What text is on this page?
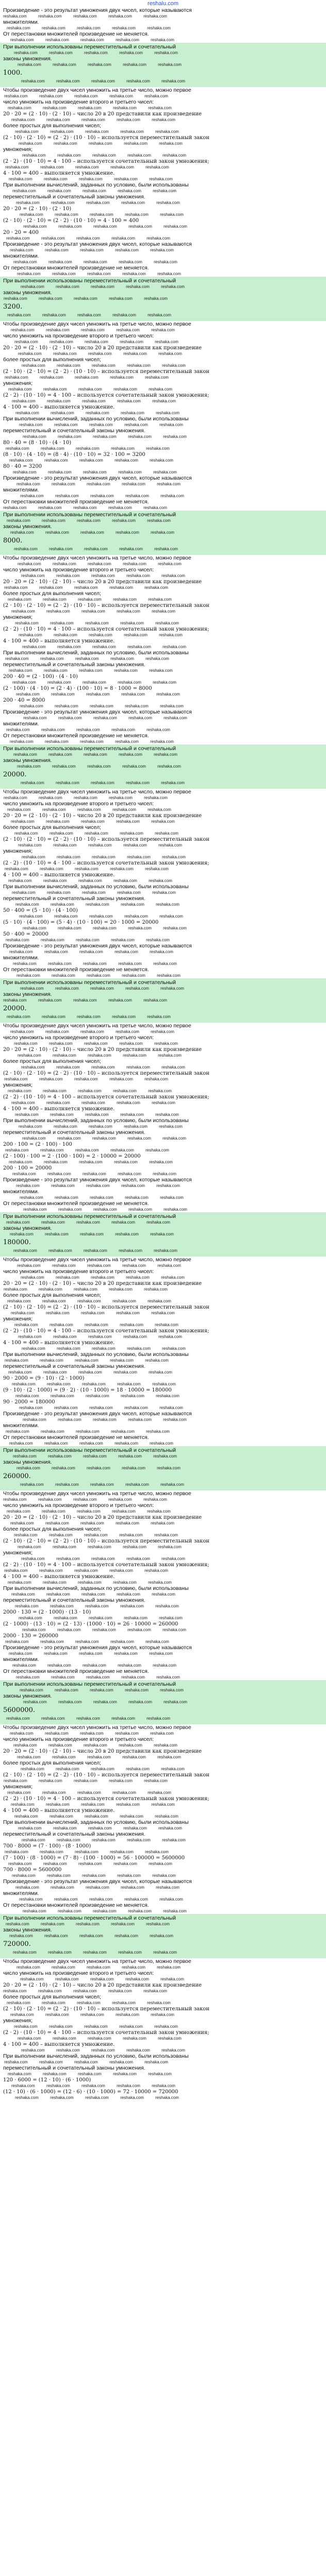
reshalu.com
Произведение - это результат умножения двух чисел, которые называются
reshaka.com          reshaka.com          reshaka.com          reshaka.com          reshaka.com
множителями.
reshaka.com          reshaka.com          reshaka.com          reshaka.com          reshaka.com
От перестановки множителей произведение не меняется.
reshaka.com          reshaka.com          reshaka.com          reshaka.com          reshaka.com
При выполнении использованы переместительный и сочетательный
reshaka.com          reshaka.com          reshaka.com          reshaka.com          reshaka.com
законы умножения.
reshaka.com          reshaka.com          reshaka.com          reshaka.com          reshaka.com
1000.
reshaka.com          reshaka.com          reshaka.com          reshaka.com          reshaka.com
Чтобы произведение двух чисел умножить на третье число, можно первое
reshaka.com          reshaka.com          reshaka.com          reshaka.com          reshaka.com
число умножить на произведение второго и третьего чисел:
reshaka.com          reshaka.com          reshaka.com          reshaka.com          reshaka.com
20 · 20 = (2 · 10) · (2 · 10) – число 20 в 20 представили как произведение
reshaka.com          reshaka.com          reshaka.com          reshaka.com          reshaka.com
более простых для выполнения чисел;
reshaka.com          reshaka.com          reshaka.com          reshaka.com          reshaka.com
(2 · 10) · (2 · 10) = (2 · 2) · (10 · 10) – используется переместительный закон
reshaka.com          reshaka.com          reshaka.com          reshaka.com          reshaka.com
умножения;
reshaka.com          reshaka.com          reshaka.com          reshaka.com          reshaka.com
(2 · 2) · (10 · 10) = 4 · 100 – используется сочетательный закон умножения;
reshaka.com          reshaka.com          reshaka.com          reshaka.com          reshaka.com
4 · 100 = 400 – выполняется умножение.
reshaka.com          reshaka.com          reshaka.com          reshaka.com          reshaka.com
При выполнении вычислений, заданных по условию, были использованы
reshaka.com          reshaka.com          reshaka.com          reshaka.com          reshaka.com
переместительный и сочетательный законы умножения.
reshaka.com          reshaka.com          reshaka.com          reshaka.com          reshaka.com
20 · 20 = (2 · 10) · (2 · 10)
reshaka.com          reshaka.com          reshaka.com          reshaka.com          reshaka.com
(2 · 10) · (2 · 10) = (2 · 2) · (10 · 10) = 4 · 100 = 400
reshaka.com          reshaka.com          reshaka.com          reshaka.com          reshaka.com
20 · 20 = 400
reshaka.com          reshaka.com          reshaka.com          reshaka.com          reshaka.com
Произведение - это результат умножения двух чисел, которые называются
reshaka.com          reshaka.com          reshaka.com          reshaka.com          reshaka.com
множителями.
reshaka.com          reshaka.com          reshaka.com          reshaka.com          reshaka.com
От перестановки множителей произведение не меняется.
reshaka.com          reshaka.com          reshaka.com          reshaka.com          reshaka.com
При выполнении использованы переместительный и сочетательный
reshaka.com          reshaka.com          reshaka.com          reshaka.com          reshaka.com
законы умножения.
reshaka.com          reshaka.com          reshaka.com          reshaka.com          reshaka.com
3200.
reshaka.com          reshaka.com          reshaka.com          reshaka.com          reshaka.com
Чтобы произведение двух чисел умножить на третье число, можно первое
reshaka.com          reshaka.com          reshaka.com          reshaka.com          reshaka.com
число умножить на произведение второго и третьего чисел:
reshaka.com          reshaka.com          reshaka.com          reshaka.com          reshaka.com
20 · 20 = (2 · 10) · (2 · 10) – число 20 в 20 представили как произведение
reshaka.com          reshaka.com          reshaka.com          reshaka.com          reshaka.com
более простых для выполнения чисел;
reshaka.com          reshaka.com          reshaka.com          reshaka.com          reshaka.com
(2 · 10) · (2 · 10) = (2 · 2) · (10 · 10) – используется переместительный закон
reshaka.com          reshaka.com          reshaka.com          reshaka.com          reshaka.com
умножения;
reshaka.com          reshaka.com          reshaka.com          reshaka.com          reshaka.com
(2 · 2) · (10 · 10) = 4 · 100 – используется сочетательный закон умножения;
reshaka.com          reshaka.com          reshaka.com          reshaka.com          reshaka.com
4 · 100 = 400 – выполняется умножение.
reshaka.com          reshaka.com          reshaka.com          reshaka.com          reshaka.com
При выполнении вычислений, заданных по условию, были использованы
reshaka.com          reshaka.com          reshaka.com          reshaka.com          reshaka.com
переместительный и сочетательный законы умножения.
reshaka.com          reshaka.com          reshaka.com          reshaka.com          reshaka.com
80 · 40 = (8 · 10) · (4 · 10)
reshaka.com          reshaka.com          reshaka.com          reshaka.com          reshaka.com
(8 · 10) · (4 · 10) = (8 · 4) · (10 · 10) = 32 · 100 = 3200
reshaka.com          reshaka.com          reshaka.com          reshaka.com          reshaka.com
80 · 40 = 3200
reshaka.com          reshaka.com          reshaka.com          reshaka.com          reshaka.com
Произведение - это результат умножения двух чисел, которые называются
reshaka.com          reshaka.com          reshaka.com          reshaka.com          reshaka.com
множителями.
reshaka.com          reshaka.com          reshaka.com          reshaka.com          reshaka.com
От перестановки множителей произведение не меняется.
reshaka.com          reshaka.com          reshaka.com          reshaka.com          reshaka.com
При выполнении использованы переместительный и сочетательный
reshaka.com          reshaka.com          reshaka.com          reshaka.com          reshaka.com
законы умножения.
reshaka.com          reshaka.com          reshaka.com          reshaka.com          reshaka.com
8000.
reshaka.com          reshaka.com          reshaka.com          reshaka.com          reshaka.com
Чтобы произведение двух чисел умножить на третье число, можно первое
reshaka.com          reshaka.com          reshaka.com          reshaka.com          reshaka.com
число умножить на произведение второго и третьего чисел:
reshaka.com          reshaka.com          reshaka.com          reshaka.com          reshaka.com
20 · 20 = (2 · 10) · (2 · 10) – число 20 в 20 представили как произведение
reshaka.com          reshaka.com          reshaka.com          reshaka.com          reshaka.com
более простых для выполнения чисел;
reshaka.com          reshaka.com          reshaka.com          reshaka.com          reshaka.com
(2 · 10) · (2 · 10) = (2 · 2) · (10 · 10) – используется переместительный закон
reshaka.com          reshaka.com          reshaka.com          reshaka.com          reshaka.com
умножения;
reshaka.com          reshaka.com          reshaka.com          reshaka.com          reshaka.com
(2 · 2) · (10 · 10) = 4 · 100 – используется сочетательный закон умножения;
reshaka.com          reshaka.com          reshaka.com          reshaka.com          reshaka.com
4 · 100 = 400 – выполняется умножение.
reshaka.com          reshaka.com          reshaka.com          reshaka.com          reshaka.com
При выполнении вычислений, заданных по условию, были использованы
reshaka.com          reshaka.com          reshaka.com          reshaka.com          reshaka.com
переместительный и сочетательный законы умножения.
reshaka.com          reshaka.com          reshaka.com          reshaka.com          reshaka.com
200 · 40 = (2 · 100) · (4 · 10)
reshaka.com          reshaka.com          reshaka.com          reshaka.com          reshaka.com
(2 · 100) · (4 · 10) = (2 · 4) · (100 · 10) = 8 · 1000 = 8000
reshaka.com          reshaka.com          reshaka.com          reshaka.com          reshaka.com
200 · 40 = 8000
reshaka.com          reshaka.com          reshaka.com          reshaka.com          reshaka.com
Произведение - это результат умножения двух чисел, которые называются
reshaka.com          reshaka.com          reshaka.com          reshaka.com          reshaka.com
множителями.
reshaka.com          reshaka.com          reshaka.com          reshaka.com          reshaka.com
От перестановки множителей произведение не меняется.
reshaka.com          reshaka.com          reshaka.com          reshaka.com          reshaka.com
При выполнении использованы переместительный и сочетательный
reshaka.com          reshaka.com          reshaka.com          reshaka.com          reshaka.com
законы умножения.
reshaka.com          reshaka.com          reshaka.com          reshaka.com          reshaka.com
20000.
reshaka.com          reshaka.com          reshaka.com          reshaka.com          reshaka.com
Чтобы произведение двух чисел умножить на третье число, можно первое
reshaka.com          reshaka.com          reshaka.com          reshaka.com          reshaka.com
число умножить на произведение второго и третьего чисел:
reshaka.com          reshaka.com          reshaka.com          reshaka.com          reshaka.com
20 · 20 = (2 · 10) · (2 · 10) – число 20 в 20 представили как произведение
reshaka.com          reshaka.com          reshaka.com          reshaka.com          reshaka.com
более простых для выполнения чисел;
reshaka.com          reshaka.com          reshaka.com          reshaka.com          reshaka.com
(2 · 10) · (2 · 10) = (2 · 2) · (10 · 10) – используется переместительный закон
reshaka.com          reshaka.com          reshaka.com          reshaka.com          reshaka.com
умножения;
reshaka.com          reshaka.com          reshaka.com          reshaka.com          reshaka.com
(2 · 2) · (10 · 10) = 4 · 100 – используется сочетательный закон умножения;
reshaka.com          reshaka.com          reshaka.com          reshaka.com          reshaka.com
4 · 100 = 400 – выполняется умножение.
reshaka.com          reshaka.com          reshaka.com          reshaka.com          reshaka.com
При выполнении вычислений, заданных по условию, были использованы
reshaka.com          reshaka.com          reshaka.com          reshaka.com          reshaka.com
переместительный и сочетательный законы умножения.
reshaka.com          reshaka.com          reshaka.com          reshaka.com          reshaka.com
50 · 400 = (5 · 10) · (4 · 100)
reshaka.com          reshaka.com          reshaka.com          reshaka.com          reshaka.com
(5 · 10) · (4 · 100) = (5 · 4) · (10 · 100) = 20 · 1000 = 20000
reshaka.com          reshaka.com          reshaka.com          reshaka.com          reshaka.com
50 · 400 = 20000
reshaka.com          reshaka.com          reshaka.com          reshaka.com          reshaka.com
Произведение - это результат умножения двух чисел, которые называются
reshaka.com          reshaka.com          reshaka.com          reshaka.com          reshaka.com
множителями.
reshaka.com          reshaka.com          reshaka.com          reshaka.com          reshaka.com
От перестановки множителей произведение не меняется.
reshaka.com          reshaka.com          reshaka.com          reshaka.com          reshaka.com
При выполнении использованы переместительный и сочетательный
reshaka.com          reshaka.com          reshaka.com          reshaka.com          reshaka.com
законы умножения.
reshaka.com          reshaka.com          reshaka.com          reshaka.com          reshaka.com
20000.
reshaka.com          reshaka.com          reshaka.com          reshaka.com          reshaka.com
Чтобы произведение двух чисел умножить на третье число, можно первое
reshaka.com          reshaka.com          reshaka.com          reshaka.com          reshaka.com
число умножить на произведение второго и третьего чисел:
reshaka.com          reshaka.com          reshaka.com          reshaka.com          reshaka.com
20 · 20 = (2 · 10) · (2 · 10) – число 20 в 20 представили как произведение
reshaka.com          reshaka.com          reshaka.com          reshaka.com          reshaka.com
более простых для выполнения чисел;
reshaka.com          reshaka.com          reshaka.com          reshaka.com          reshaka.com
(2 · 10) · (2 · 10) = (2 · 2) · (10 · 10) – используется переместительный закон
reshaka.com          reshaka.com          reshaka.com          reshaka.com          reshaka.com
умножения;
reshaka.com          reshaka.com          reshaka.com          reshaka.com          reshaka.com
(2 · 2) · (10 · 10) = 4 · 100 – используется сочетательный закон умножения;
reshaka.com          reshaka.com          reshaka.com          reshaka.com          reshaka.com
4 · 100 = 400 – выполняется умножение.
reshaka.com          reshaka.com          reshaka.com          reshaka.com          reshaka.com
При выполнении вычислений, заданных по условию, были использованы
reshaka.com          reshaka.com          reshaka.com          reshaka.com          reshaka.com
переместительный и сочетательный законы умножения.
reshaka.com          reshaka.com          reshaka.com          reshaka.com          reshaka.com
200 · 100 = (2 · 100) · 100
reshaka.com          reshaka.com          reshaka.com          reshaka.com          reshaka.com
(2 · 100) · 100 = 2 · (100 · 100) = 2 · 10000 = 20000
reshaka.com          reshaka.com          reshaka.com          reshaka.com          reshaka.com
200 · 100 = 20000
reshaka.com          reshaka.com          reshaka.com          reshaka.com          reshaka.com
Произведение - это результат умножения двух чисел, которые называются
reshaka.com          reshaka.com          reshaka.com          reshaka.com          reshaka.com
множителями.
reshaka.com          reshaka.com          reshaka.com          reshaka.com          reshaka.com
От перестановки множителей произведение не меняется.
reshaka.com          reshaka.com          reshaka.com          reshaka.com          reshaka.com
При выполнении использованы переместительный и сочетательный
reshaka.com          reshaka.com          reshaka.com          reshaka.com          reshaka.com
законы умножения.
reshaka.com          reshaka.com          reshaka.com          reshaka.com          reshaka.com
180000.
reshaka.com          reshaka.com          reshaka.com          reshaka.com          reshaka.com
Чтобы произведение двух чисел умножить на третье число, можно первое
reshaka.com          reshaka.com          reshaka.com          reshaka.com          reshaka.com
число умножить на произведение второго и третьего чисел:
reshaka.com          reshaka.com          reshaka.com          reshaka.com          reshaka.com
20 · 20 = (2 · 10) · (2 · 10) – число 20 в 20 представили как произведение
reshaka.com          reshaka.com          reshaka.com          reshaka.com          reshaka.com
более простых для выполнения чисел;
reshaka.com          reshaka.com          reshaka.com          reshaka.com          reshaka.com
(2 · 10) · (2 · 10) = (2 · 2) · (10 · 10) – используется переместительный закон
reshaka.com          reshaka.com          reshaka.com          reshaka.com          reshaka.com
умножения;
reshaka.com          reshaka.com          reshaka.com          reshaka.com          reshaka.com
(2 · 2) · (10 · 10) = 4 · 100 – используется сочетательный закон умножения;
reshaka.com          reshaka.com          reshaka.com          reshaka.com          reshaka.com
4 · 100 = 400 – выполняется умножение.
reshaka.com          reshaka.com          reshaka.com          reshaka.com          reshaka.com
При выполнении вычислений, заданных по условию, были использованы
reshaka.com          reshaka.com          reshaka.com          reshaka.com          reshaka.com
переместительный и сочетательный законы умножения.
reshaka.com          reshaka.com          reshaka.com          reshaka.com          reshaka.com
90 · 2000 = (9 · 10) · (2 · 1000)
reshaka.com          reshaka.com          reshaka.com          reshaka.com          reshaka.com
(9 · 10) · (2 · 1000) = (9 · 2) · (10 · 1000) = 18 · 10000 = 180000
reshaka.com          reshaka.com          reshaka.com          reshaka.com          reshaka.com
90 · 2000 = 180000
reshaka.com          reshaka.com          reshaka.com          reshaka.com          reshaka.com
Произведение - это результат умножения двух чисел, которые называются
reshaka.com          reshaka.com          reshaka.com          reshaka.com          reshaka.com
множителями.
reshaka.com          reshaka.com          reshaka.com          reshaka.com          reshaka.com
От перестановки множителей произведение не меняется.
reshaka.com          reshaka.com          reshaka.com          reshaka.com          reshaka.com
При выполнении использованы переместительный и сочетательный
reshaka.com          reshaka.com          reshaka.com          reshaka.com          reshaka.com
законы умножения.
reshaka.com          reshaka.com          reshaka.com          reshaka.com          reshaka.com
260000.
reshaka.com          reshaka.com          reshaka.com          reshaka.com          reshaka.com
Чтобы произведение двух чисел умножить на третье число, можно первое
reshaka.com          reshaka.com          reshaka.com          reshaka.com          reshaka.com
число умножить на произведение второго и третьего чисел:
reshaka.com          reshaka.com          reshaka.com          reshaka.com          reshaka.com
20 · 20 = (2 · 10) · (2 · 10) – число 20 в 20 представили как произведение
reshaka.com          reshaka.com          reshaka.com          reshaka.com          reshaka.com
более простых для выполнения чисел;
reshaka.com          reshaka.com          reshaka.com          reshaka.com          reshaka.com
(2 · 10) · (2 · 10) = (2 · 2) · (10 · 10) – используется переместительный закон
reshaka.com          reshaka.com          reshaka.com          reshaka.com          reshaka.com
умножения;
reshaka.com          reshaka.com          reshaka.com          reshaka.com          reshaka.com
(2 · 2) · (10 · 10) = 4 · 100 – используется сочетательный закон умножения;
reshaka.com          reshaka.com          reshaka.com          reshaka.com          reshaka.com
4 · 100 = 400 – выполняется умножение.
reshaka.com          reshaka.com          reshaka.com          reshaka.com          reshaka.com
При выполнении вычислений, заданных по условию, были использованы
reshaka.com          reshaka.com          reshaka.com          reshaka.com          reshaka.com
переместительный и сочетательный законы умножения.
reshaka.com          reshaka.com          reshaka.com          reshaka.com          reshaka.com
2000 · 130 = (2 · 1000) · (13 · 10)
reshaka.com          reshaka.com          reshaka.com          reshaka.com          reshaka.com
(2 · 1000) · (13 · 10) = (2 · 13) · (1000 · 10) = 26 · 10000 = 260000
reshaka.com          reshaka.com          reshaka.com          reshaka.com          reshaka.com
2000 · 130 = 260000
reshaka.com          reshaka.com          reshaka.com          reshaka.com          reshaka.com
Произведение - это результат умножения двух чисел, которые называются
reshaka.com          reshaka.com          reshaka.com          reshaka.com          reshaka.com
множителями.
reshaka.com          reshaka.com          reshaka.com          reshaka.com          reshaka.com
От перестановки множителей произведение не меняется.
reshaka.com          reshaka.com          reshaka.com          reshaka.com          reshaka.com
При выполнении использованы переместительный и сочетательный
reshaka.com          reshaka.com          reshaka.com          reshaka.com          reshaka.com
законы умножения.
reshaka.com          reshaka.com          reshaka.com          reshaka.com          reshaka.com
5600000.
reshaka.com          reshaka.com          reshaka.com          reshaka.com          reshaka.com
Чтобы произведение двух чисел умножить на третье число, можно первое
reshaka.com          reshaka.com          reshaka.com          reshaka.com          reshaka.com
число умножить на произведение второго и третьего чисел:
reshaka.com          reshaka.com          reshaka.com          reshaka.com          reshaka.com
20 · 20 = (2 · 10) · (2 · 10) – число 20 в 20 представили как произведение
reshaka.com          reshaka.com          reshaka.com          reshaka.com          reshaka.com
более простых для выполнения чисел;
reshaka.com          reshaka.com          reshaka.com          reshaka.com          reshaka.com
(2 · 10) · (2 · 10) = (2 · 2) · (10 · 10) – используется переместительный закон
reshaka.com          reshaka.com          reshaka.com          reshaka.com          reshaka.com
умножения;
reshaka.com          reshaka.com          reshaka.com          reshaka.com          reshaka.com
(2 · 2) · (10 · 10) = 4 · 100 – используется сочетательный закон умножения;
reshaka.com          reshaka.com          reshaka.com          reshaka.com          reshaka.com
4 · 100 = 400 – выполняется умножение.
reshaka.com          reshaka.com          reshaka.com          reshaka.com          reshaka.com
При выполнении вычислений, заданных по условию, были использованы
reshaka.com          reshaka.com          reshaka.com          reshaka.com          reshaka.com
переместительный и сочетательный законы умножения.
reshaka.com          reshaka.com          reshaka.com          reshaka.com          reshaka.com
700 · 8000 = (7 · 100) · (8 · 1000)
reshaka.com          reshaka.com          reshaka.com          reshaka.com          reshaka.com
(7 · 100) · (8 · 1000) = (7 · 8) · (100 · 1000) = 56 · 100000 = 5600000
reshaka.com          reshaka.com          reshaka.com          reshaka.com          reshaka.com
700 · 8000 = 5600000
reshaka.com          reshaka.com          reshaka.com          reshaka.com          reshaka.com
Произведение - это результат умножения двух чисел, которые называются
reshaka.com          reshaka.com          reshaka.com          reshaka.com          reshaka.com
множителями.
reshaka.com          reshaka.com          reshaka.com          reshaka.com          reshaka.com
От перестановки множителей произведение не меняется.
reshaka.com          reshaka.com          reshaka.com          reshaka.com          reshaka.com
При выполнении использованы переместительный и сочетательный
reshaka.com          reshaka.com          reshaka.com          reshaka.com          reshaka.com
законы умножения.
reshaka.com          reshaka.com          reshaka.com          reshaka.com          reshaka.com
720000.
reshaka.com          reshaka.com          reshaka.com          reshaka.com          reshaka.com
Чтобы произведение двух чисел умножить на третье число, можно первое
reshaka.com          reshaka.com          reshaka.com          reshaka.com          reshaka.com
число умножить на произведение второго и третьего чисел:
reshaka.com          reshaka.com          reshaka.com          reshaka.com          reshaka.com
20 · 20 = (2 · 10) · (2 · 10) – число 20 в 20 представили как произведение
reshaka.com          reshaka.com          reshaka.com          reshaka.com          reshaka.com
более простых для выполнения чисел;
reshaka.com          reshaka.com          reshaka.com          reshaka.com          reshaka.com
(2 · 10) · (2 · 10) = (2 · 2) · (10 · 10) – используется переместительный закон
reshaka.com          reshaka.com          reshaka.com          reshaka.com          reshaka.com
умножения;
reshaka.com          reshaka.com          reshaka.com          reshaka.com          reshaka.com
(2 · 2) · (10 · 10) = 4 · 100 – используется сочетательный закон умножения;
reshaka.com          reshaka.com          reshaka.com          reshaka.com          reshaka.com
4 · 100 = 400 – выполняется умножение.
reshaka.com          reshaka.com          reshaka.com          reshaka.com          reshaka.com
При выполнении вычислений, заданных по условию, были использованы
reshaka.com          reshaka.com          reshaka.com          reshaka.com          reshaka.com
переместительный и сочетательный законы умножения.
reshaka.com          reshaka.com          reshaka.com          reshaka.com          reshaka.com
120 · 6000 = (12 · 10) · (6 · 1000)
reshaka.com          reshaka.com          reshaka.com          reshaka.com          reshaka.com
(12 · 10) · (6 · 1000) = (12 · 6) · (10 · 1000) = 72 · 10000 = 720000
reshaka.com          reshaka.com          reshaka.com          reshaka.com          reshaka.com
